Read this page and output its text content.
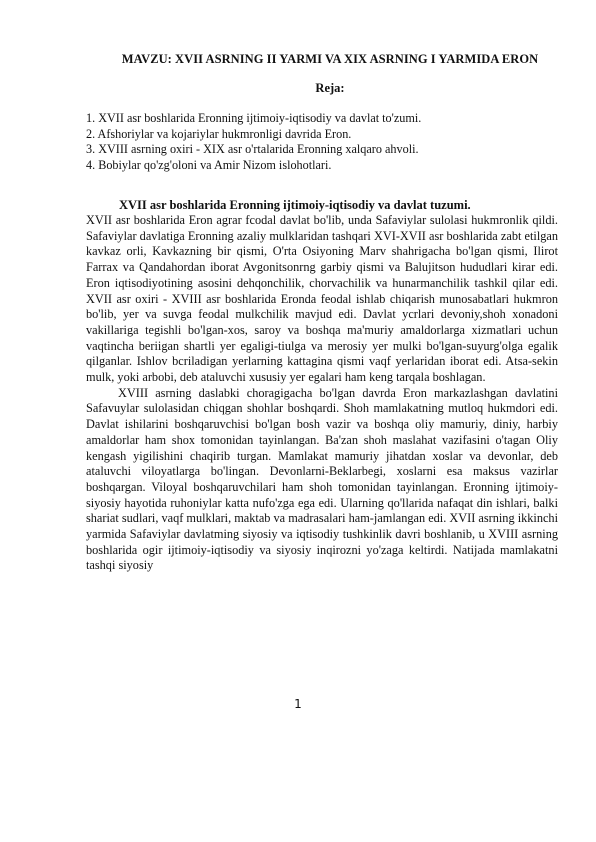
MAVZU: XVII ASRNING II YARMI VA XIX ASRNING I YARMIDA ERON
Reja:
1. XVII asr boshlarida Eronning ijtimoiy-iqtisodiy va davlat to'zumi.
2. Afshoriylar va kojariylar hukmronligi davrida Eron.
3. XVIII asrning oxiri - XIX asr o'rtalarida Eronning xalqaro ahvoli.
4. Bobiylar qo'zg'oloni va Amir Nizom islohotlari.
XVII asr boshlarida Eronning ijtimoiy-iqtisodiy va davlat tuzumi.

XVII asr boshlarida Eron agrar fcodal davlat bo'lib, unda Safaviylar sulolasi hukmronlik qildi. Safaviylar davlatiga Eronning azaliy mulklaridan tashqari XVI-XVII asr boshlarida zabt etilgan kavkaz orli, Kavkazning bir qismi, O'rta Osiyoning Marv shahrigacha bo'lgan qismi, Ilirot Farrax va Qandahordan iborat Avgonitsonrng garbiy qismi va Balujitson hududlari kirar edi. Eron iqtisodiyotining asosini dehqonchilik, chorvachilik va hunarmanchilik tashkil qilar edi. XVII asr oxiri - XVIII asr boshlarida Eronda feodal ishlab chiqarish munosabatlari hukmron bo'lib, yer va suvga feodal mulkchilik mavjud edi. Davlat ycrlari devoniy,shoh xonadoni vakillariga tegishli bo'lgan-xos, saroy va boshqa ma'muriy amaldorlarga xizmatlari uchun vaqtincha beriigan shartli yer egaligi-tiulga va merosiy yer mulki bo'lgan-suyurg'olga egalik qilganlar. Ishlov bcriladigan yerlarning kattagina qismi vaqf yerlaridan iborat edi. Atsa-sekin mulk, yoki arbobi, deb ataluvchi xususiy yer egalari ham keng tarqala boshlagan.

XVIII asrning daslabki choragigacha bo'lgan davrda Eron markazlashgan davlatini Safavuylar sulolasidan chiqgan shohlar boshqardi. Shoh mamlakatning mutloq hukmdori edi. Davlat ishilarini boshqaruvchisi bo'lgan bosh vazir va boshqa oliy mamuriy, diniy, harbiy amaldorlar ham shox tomonidan tayinlangan. Ba'zan shoh maslahat vazifasini o'tagan Oliy kengash yigilishini chaqirib turgan. Mamlakat mamuriy jihatdan xoslar va devonlar, deb ataluvchi viloyatlarga bo'lingan. Devonlarni-Beklarbegi, xoslarni esa maksus vazirlar boshqargan. Viloyal boshqaruvchilari ham shoh tomonidan tayinlangan. Eronning ijtimoiy-siyosiy hayotida ruhoniylar katta nufo'zga ega edi. Ularning qo'llarida nafaqat din ishlari, balki shariat sudlari, vaqf mulklari, maktab va madrasalari ham-jamlangan edi. XVII asrning ikkinchi yarmida Safaviylar davlatming siyosiy va iqtisodiy tushkinlik davri boshlanib, u XVIII asrning boshlarida ogir ijtimoiy-iqtisodiy va siyosiy inqirozni yo'zaga keltirdi. Natijada mamlakatni tashqi siyosiy

1
